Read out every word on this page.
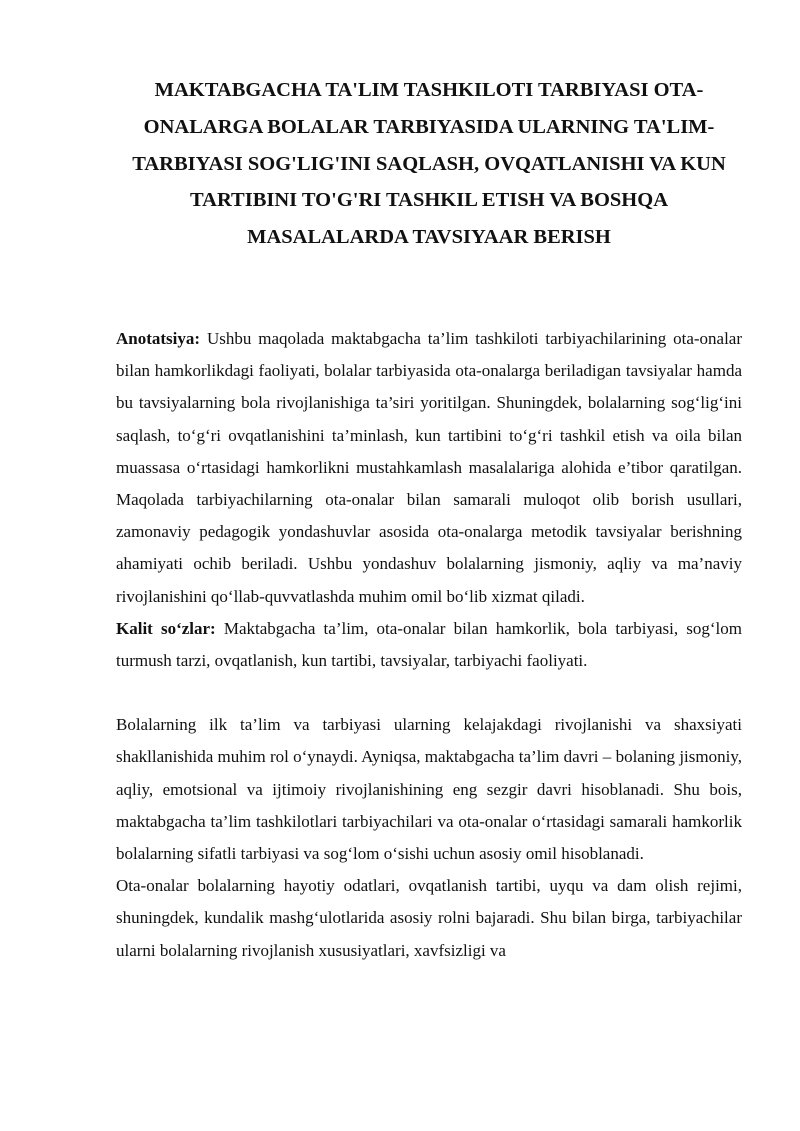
MAKTABGACHA TA'LIM TASHKILOTI TARBIYASI OTA-ONALARGA BOLALAR TARBIYASIDA ULARNING TA'LIM-TARBIYASI SOG'LIG'INI SAQLASH, OVQATLANISHI VA KUN TARTIBINI TO'G'RI TASHKIL ETISH VA BOSHQA MASALALARDA TAVSIYAAR BERISH

Anotatsiya: Ushbu maqolada maktabgacha ta’lim tashkiloti tarbiyachilarining ota-onalar bilan hamkorlikdagi faoliyati, bolalar tarbiyasida ota-onalarga beriladigan tavsiyalar hamda bu tavsiyalarning bola rivojlanishiga ta’siri yoritilgan. Shuningdek, bolalarning sog‘lig‘ini saqlash, to‘g‘ri ovqatlanishini ta’minlash, kun tartibini to‘g‘ri tashkil etish va oila bilan muassasa o‘rtasidagi hamkorlikni mustahkamlash masalalariga alohida e’tibor qaratilgan. Maqolada tarbiyachilarning ota-onalar bilan samarali muloqot olib borish usullari, zamonaviy pedagogik yondashuvlar asosida ota-onalarga metodik tavsiyalar berishning ahamiyati ochib beriladi. Ushbu yondashuv bolalarning jismoniy, aqliy va ma’naviy rivojlanishini qo‘llab-quvvatlashda muhim omil bo‘lib xizmat qiladi.

Kalit so‘zlar: Maktabgacha ta’lim, ota-onalar bilan hamkorlik, bola tarbiyasi, sog‘lom turmush tarzi, ovqatlanish, kun tartibi, tavsiyalar, tarbiyachi faoliyati.

Bolalarning ilk ta’lim va tarbiyasi ularning kelajakdagi rivojlanishi va shaxsiyati shakllanishida muhim rol o‘ynaydi. Ayniqsa, maktabgacha ta’lim davri – bolaning jismoniy, aqliy, emotsional va ijtimoiy rivojlanishining eng sezgir davri hisoblanadi. Shu bois, maktabgacha ta’lim tashkilotlari tarbiyachilari va ota-onalar o‘rtasidagi samarali hamkorlik bolalarning sifatli tarbiyasi va sog‘lom o‘sishi uchun asosiy omil hisoblanadi.

Ota-onalar bolalarning hayotiy odatlari, ovqatlanish tartibi, uyqu va dam olish rejimi, shuningdek, kundalik mashg‘ulotlarida asosiy rolni bajaradi. Shu bilan birga, tarbiyachilar ularni bolalarning rivojlanish xususiyatlari, xavfsizligi va
